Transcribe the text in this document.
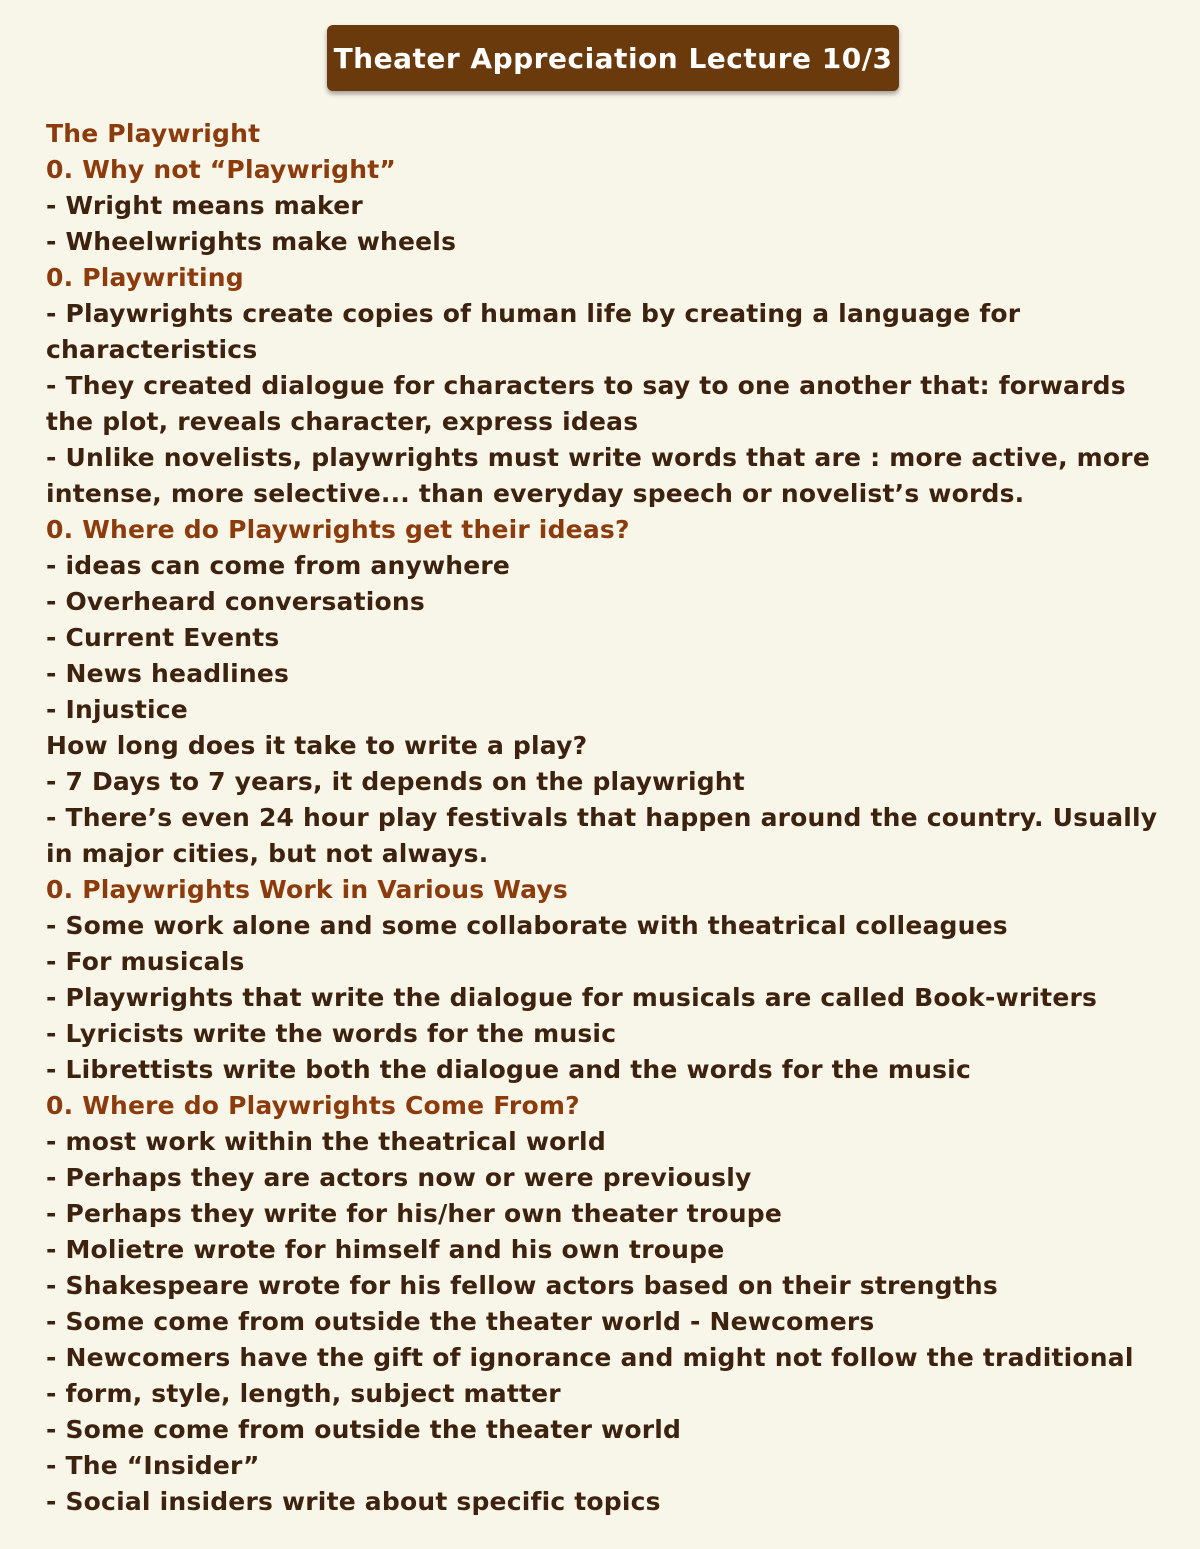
Theater Appreciation Lecture 10/3
The Playwright
0. Why not “Playwright”
- Wright means maker
- Wheelwrights make wheels
0. Playwriting
- Playwrights create copies of human life by creating a language for
characteristics
- They created dialogue for characters to say to one another that: forwards
the plot, reveals character, express ideas
- Unlike novelists, playwrights must write words that are : more active, more
intense, more selective... than everyday speech or novelist’s words.
0. Where do Playwrights get their ideas?
- ideas can come from anywhere
- Overheard conversations
- Current Events
- News headlines
- Injustice
How long does it take to write a play?
- 7 Days to 7 years, it depends on the playwright
- There’s even 24 hour play festivals that happen around the country. Usually
in major cities, but not always.
0. Playwrights Work in Various Ways
- Some work alone and some collaborate with theatrical colleagues
- For musicals
- Playwrights that write the dialogue for musicals are called Book-writers
- Lyricists write the words for the music
- Librettists write both the dialogue and the words for the music
0. Where do Playwrights Come From?
- most work within the theatrical world
- Perhaps they are actors now or were previously
- Perhaps they write for his/her own theater troupe
- Molietre wrote for himself and his own troupe
- Shakespeare wrote for his fellow actors based on their strengths
- Some come from outside the theater world - Newcomers
- Newcomers have the gift of ignorance and might not follow the traditional
- form, style, length, subject matter
- Some come from outside the theater world
- The “Insider”
- Social insiders write about specific topics
